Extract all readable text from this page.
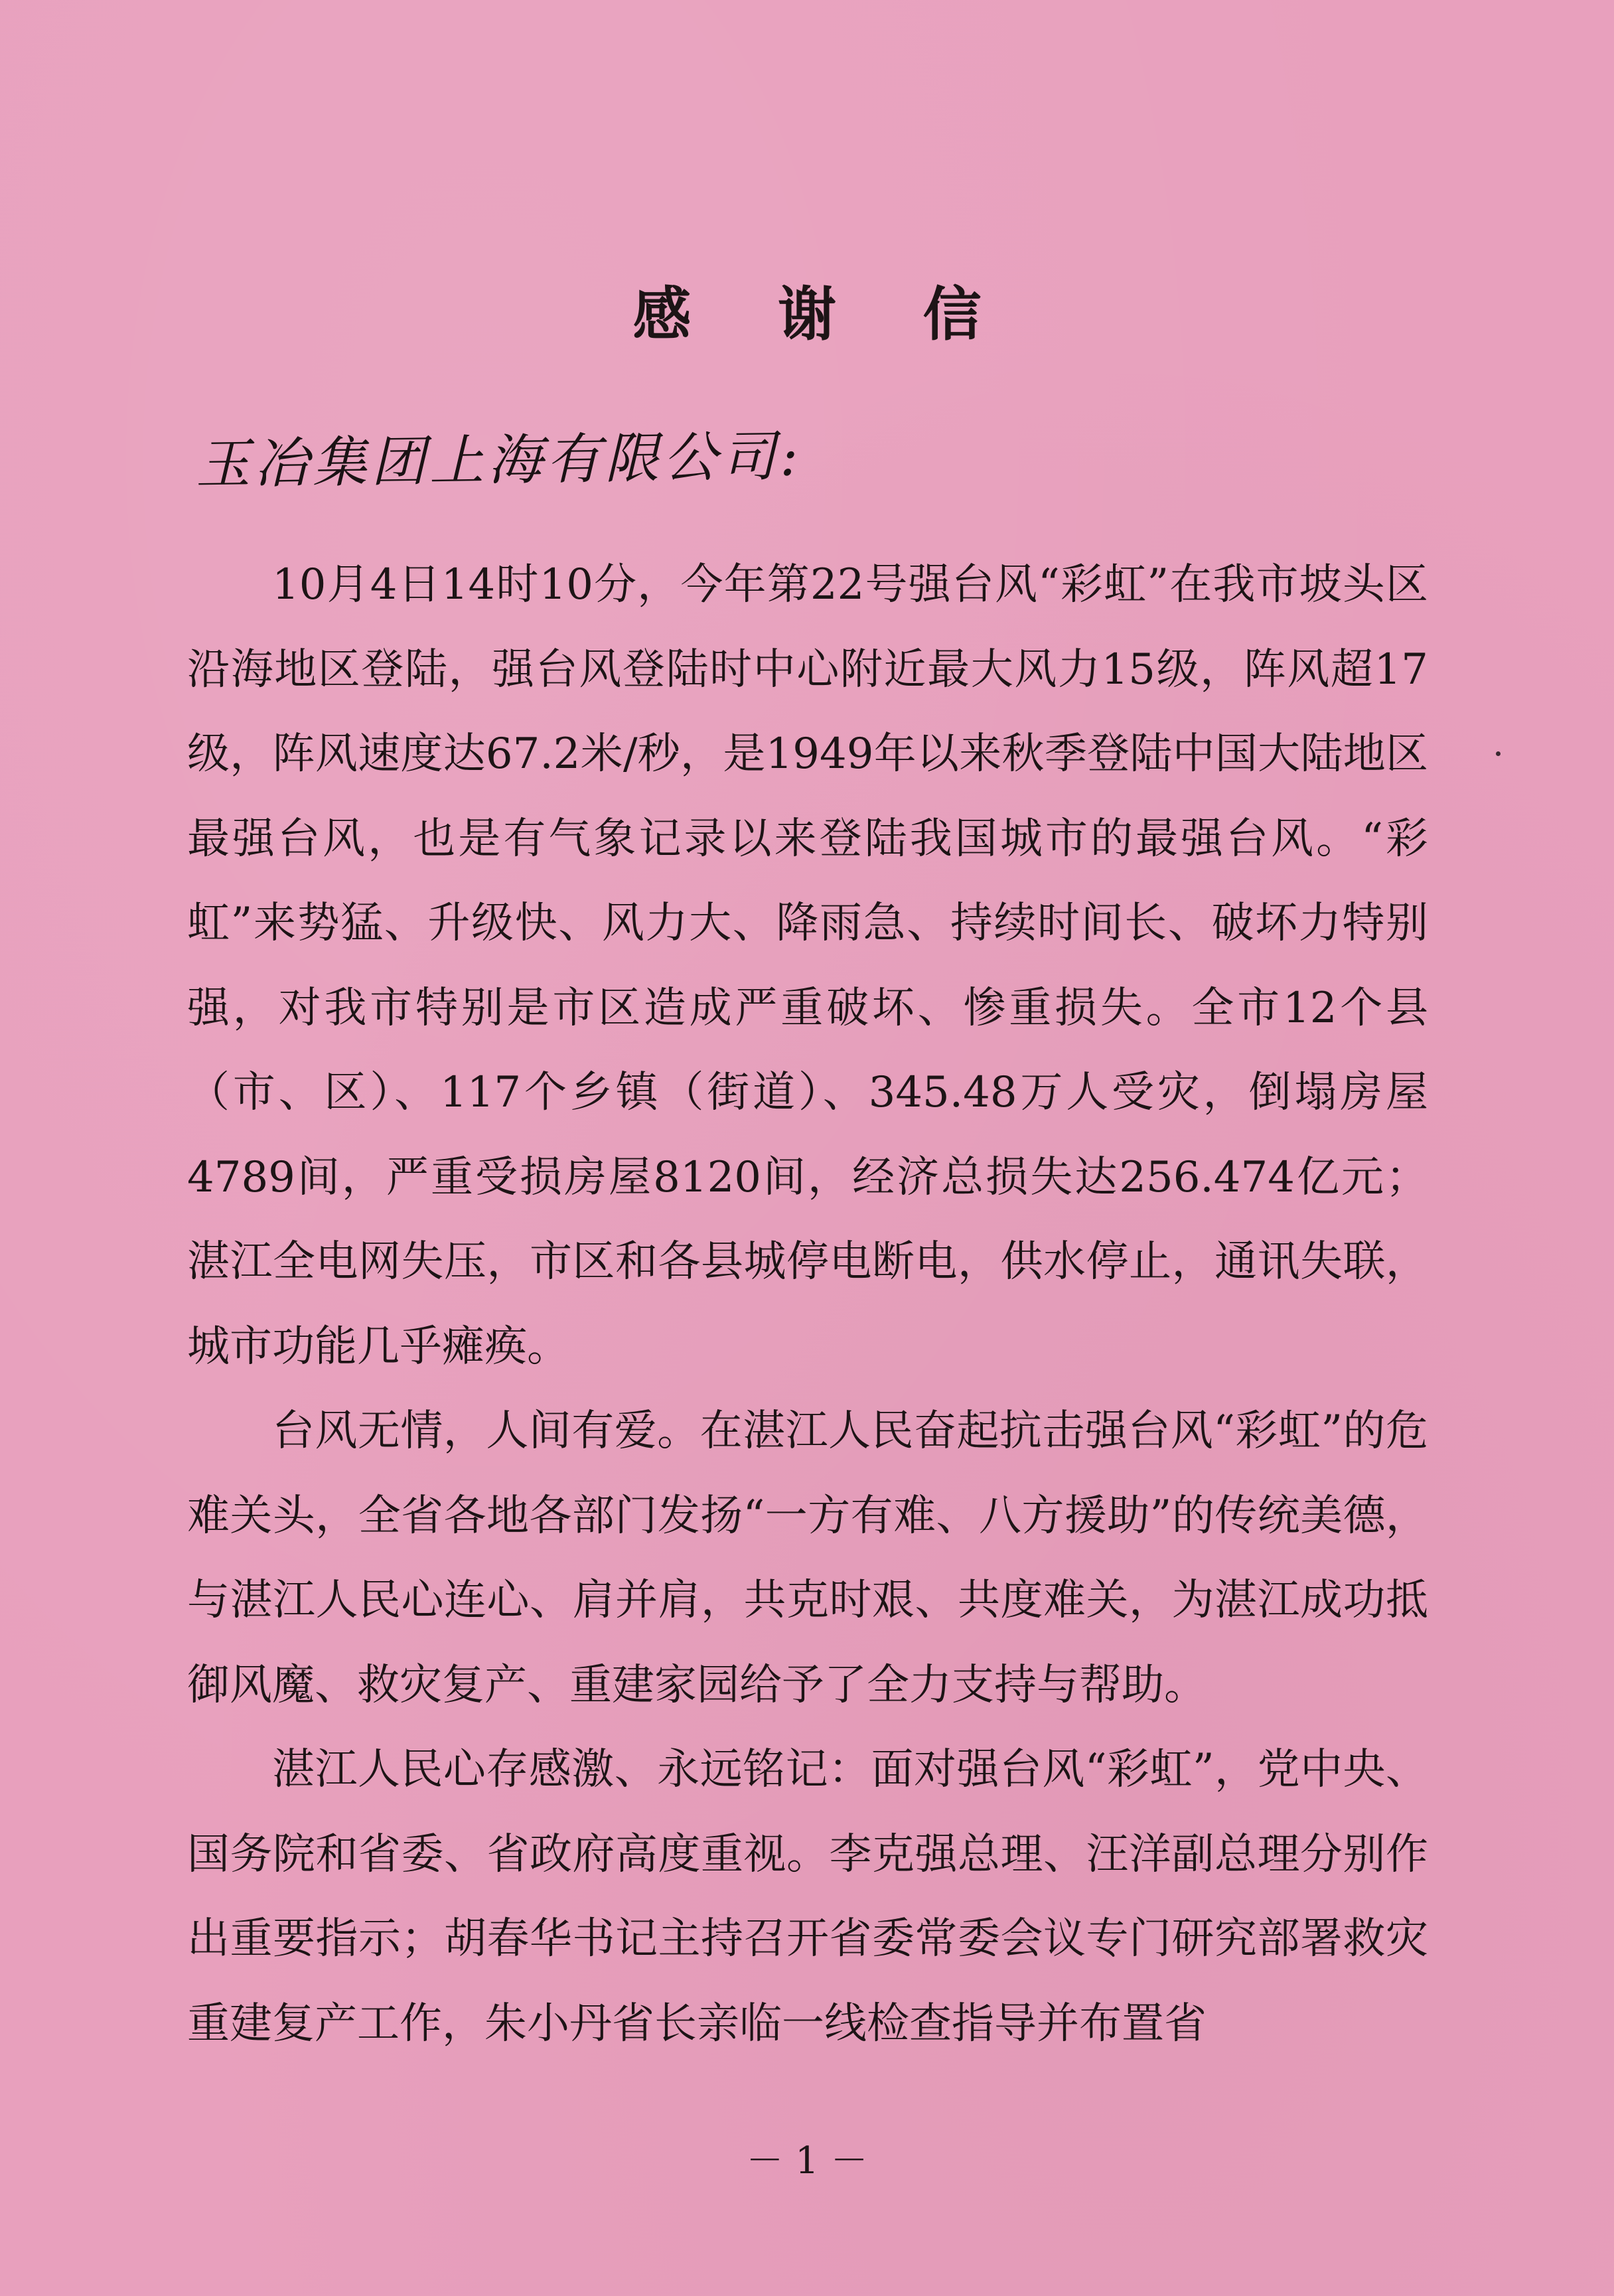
感 谢 信
玉冶集团上海有限公司:

10月4日14时10分，今年第22号强台风“彩虹”在我市坡头区沿海地区登陆，强台风登陆时中心附近最大风力15级，阵风超17级，阵风速度达67.2米/秒，是1949年以来秋季登陆中国大陆地区最强台风，也是有气象记录以来登陆我国城市的最强台风。“彩虹”来势猛、升级快、风力大、降雨急、持续时间长、破坏力特别强，对我市特别是市区造成严重破坏、惨重损失。全市12个县（市、区）、117个乡镇（街道）、345.48万人受灾，倒塌房屋4789间，严重受损房屋8120间，经济总损失达256.474亿元；湛江全电网失压，市区和各县城停电断电，供水停止，通讯失联，城市功能几乎瘫痪。

台风无情，人间有爱。在湛江人民奋起抗击强台风“彩虹”的危难关头，全省各地各部门发扬“一方有难、八方援助”的传统美德，与湛江人民心连心、肩并肩，共克时艰、共度难关，为湛江成功抵御风魔、救灾复产、重建家园给予了全力支持与帮助。

湛江人民心存感激、永远铭记：面对强台风“彩虹”，党中央、国务院和省委、省政府高度重视。李克强总理、汪洋副总理分别作出重要指示；胡春华书记主持召开省委常委会议专门研究部署救灾重建复产工作，朱小丹省长亲临一线检查指导并布置省

－ 1 －
